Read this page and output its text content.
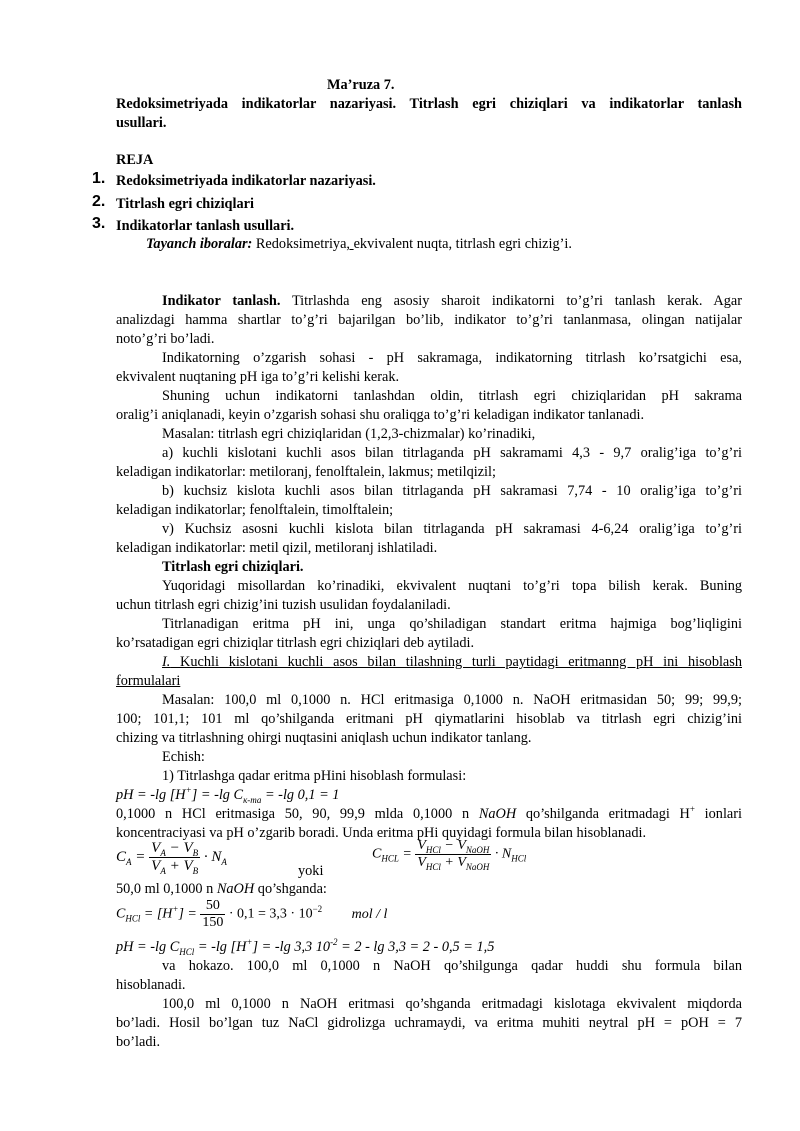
Ma’ruza 7.
Redoksimetriyada indikatorlar nazariyasi. Titrlash egri chiziqlari va indikatorlar tanlash
usullari.
REJA
1. Redoksimetriyada indikatorlar nazariyasi.
2. Titrlash egri chiziqlari
3. Indikatorlar tanlash usullari.
Tayanch iboralar: Redoksimetriya, ekvivalent nuqta, titrlash egri chizig’i.
Indikator tanlash. Titrlashda eng asosiy sharoit indikatorni to’g’ri tanlash kerak. Agar
analizdagi hamma shartlar to’g’ri bajarilgan bo’lib, indikator to’g’ri tanlanmasa, olingan natijalar
noto’g’ri bo’ladi.
Indikatorning o’zgarish sohasi - pH sakramaga, indikatorning titrlash ko’rsatgichi esa,
ekvivalent nuqtaning pH iga to’g’ri kelishi kerak.
Shuning uchun indikatorni tanlashdan oldin, titrlash egri chiziqlaridan pH sakrama
oralig’i aniqlanadi, keyin o’zgarish sohasi shu oraliqga to’g’ri keladigan indikator tanlanadi.
Masalan: titrlash egri chiziqlaridan (1,2,3-chizmalar) ko’rinadiki,
a) kuchli kislotani kuchli asos bilan titrlaganda pH sakramami 4,3 - 9,7 oralig’iga to’g’ri
keladigan indikatorlar: metiloranj, fenolftalein, lakmus; metilqizil;
b) kuchsiz kislota kuchli asos bilan titrlaganda pH sakramasi 7,74 - 10 oralig’iga to’g’ri
keladigan indikatorlar; fenolftalein, timolftalein;
v) Kuchsiz asosni kuchli kislota bilan titrlaganda pH sakramasi 4-6,24 oralig’iga to’g’ri
keladigan indikatorlar: metil qizil, metiloranj ishlatiladi.
Titrlash egri chiziqlari.
Yuqoridagi misollardan ko’rinadiki, ekvivalent nuqtani to’g’ri topa bilish kerak. Buning
uchun titrlash egri chizig’ini tuzish usulidan foydalaniladi.
Titrlanadigan eritma pH ini, unga qo’shiladigan standart eritma hajmiga bog’liqligini
ko’rsatadigan egri chiziqlar titrlash egri chiziqlari deb aytiladi.
I. Kuchli kislotani kuchli asos bilan tilashning turli paytidagi eritmanng pH ini hisoblash
formulalari
Masalan: 100,0 ml 0,1000 n. HCl eritmasiga 0,1000 n. NaOH eritmasidan 50; 99; 99,9;
100; 101,1; 101 ml qo’shilganda eritmani pH qiymatlarini hisoblab va titrlash egri chizig’ini
chizing va titrlashning ohirgi nuqtasini aniqlash uchun indikator tanlang.
Echish:
1) Titrlashga qadar eritma pHini hisoblash formulasi:
pH = -lg [H+] = -lg $C_{к-та} = -\lg$ 0,1 = 1
0,1000 n HCl eritmasiga 50, 90, 99,9 mlda 0,1000 n NaOH qo’shilganda eritmadagi H+ ionlari
koncentraciyasi va pH o’zgarib boradi. Unda eritma pHi quyidagi formula bilan hisoblanadi.
$C_A = \frac{V_A - V_B}{V_A + V_B} \cdot N_A$
yoki
$C_{HCL}$ =
$V_{HCl} - V_{NaOH}$
$V_{HCl} + V_{NaOH}$
· $N_{HCl}$
50,0 ml 0,1000 n NaOH qo’shganda:
$C_{HCl} = [H^+] = \frac{50}{150} \cdot 0,1 = 3,3 \cdot 10^{-2}$ mol / l
pH = -lg $C_{HCl} = -\lg$ [H+] = -lg 3,3 $10^{-2} = 2 - \lg 3,3 = 2 - 0,5 = 1,5$
va hokazo. 100,0 ml 0,1000 n NaOH qo’shilgunga qadar huddi shu formula bilan
hisoblanadi.
100,0 ml 0,1000 n NaOH eritmasi qo’shganda eritmadagi kislotaga ekvivalent miqdorda
bo’ladi. Hosil bo’lgan tuz NaCl gidrolizga uchramaydi, va eritma muhiti neytral pH = pOH = 7
bo’ladi.
